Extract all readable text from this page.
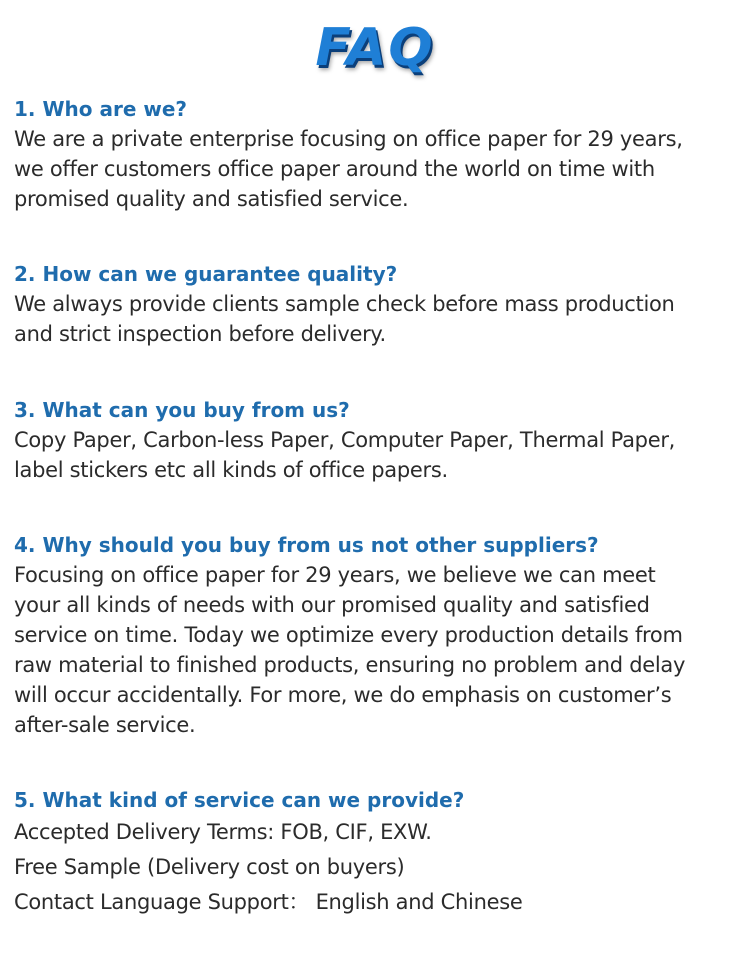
FAQ

1. Who are we?

We are a private enterprise focusing on office paper for 29 years,
we offer customers office paper around the world on time with
promised quality and satisfied service.

2. How can we guarantee quality?

We always provide clients sample check before mass production
and strict inspection before delivery.

3. What can you buy from us?

Copy Paper, Carbon-less Paper, Computer Paper, Thermal Paper,
label stickers etc all kinds of office papers.

4. Why should you buy from us not other suppliers?

Focusing on office paper for 29 years, we believe we can meet
your all kinds of needs with our promised quality and satisfied
service on time. Today we optimize every production details from
raw material to finished products, ensuring no problem and delay
will occur accidentally. For more, we do emphasis on customer’s
after-sale service.

5. What kind of service can we provide?

Accepted Delivery Terms: FOB, CIF, EXW.
Free Sample (Delivery cost on buyers)
Contact Language Support： English and Chinese
